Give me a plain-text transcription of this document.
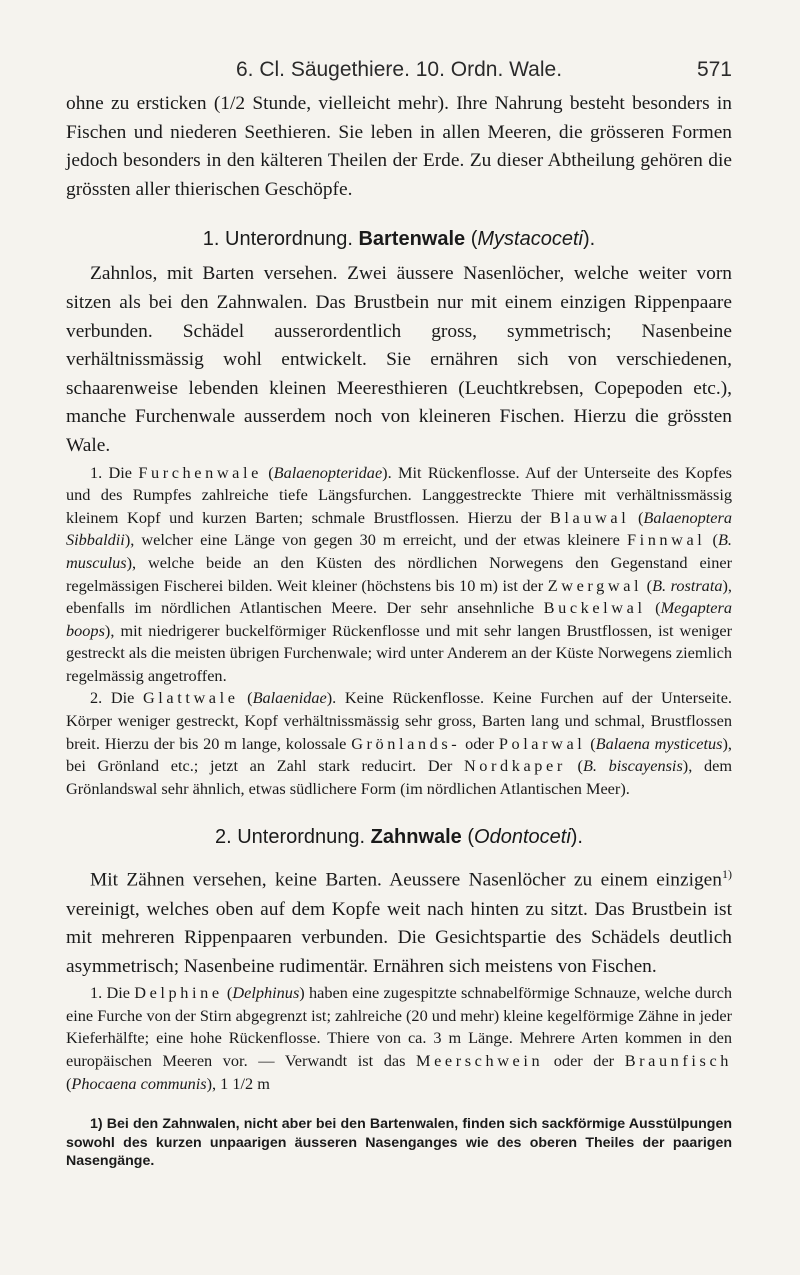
6. Cl. Säugethiere. 10. Ordn. Wale.	571

ohne zu ersticken (1/2 Stunde, vielleicht mehr). Ihre Nahrung besteht besonders in Fischen und niederen Seethieren. Sie leben in allen Meeren, die grösseren Formen jedoch besonders in den kälteren Theilen der Erde. Zu dieser Abtheilung gehören die grössten aller thierischen Geschöpfe.

1. Unterordnung. Bartenwale (Mystacoceti).

Zahnlos, mit Barten versehen. Zwei äussere Nasenlöcher, welche weiter vorn sitzen als bei den Zahnwalen. Das Brustbein nur mit einem einzigen Rippenpaare verbunden. Schädel ausserordentlich gross, symmetrisch; Nasenbeine verhältnissmässig wohl entwickelt. Sie ernähren sich von verschiedenen, schaarenweise lebenden kleinen Meeresthieren (Leuchtkrebsen, Copepoden etc.), manche Furchenwale ausserdem noch von kleineren Fischen. Hierzu die grössten Wale.

1. Die Furchenwale (Balaenopteridae). Mit Rückenflosse. Auf der Unterseite des Kopfes und des Rumpfes zahlreiche tiefe Längsfurchen. Langgestreckte Thiere mit verhältnissmässig kleinem Kopf und kurzen Barten; schmale Brustflossen. Hierzu der Blauwal (Balaenoptera Sibbaldii), welcher eine Länge von gegen 30 m erreicht, und der etwas kleinere Finnwal (B. musculus), welche beide an den Küsten des nördlichen Norwegens den Gegenstand einer regelmässigen Fischerei bilden. Weit kleiner (höchstens bis 10 m) ist der Zwergwal (B. rostrata), ebenfalls im nördlichen Atlantischen Meere. Der sehr ansehnliche Buckelwal (Megaptera boops), mit niedrigerer buckelförmiger Rückenflosse und mit sehr langen Brustflossen, ist weniger gestreckt als die meisten übrigen Furchenwale; wird unter Anderem an der Küste Norwegens ziemlich regelmässig angetroffen.

2. Die Glattwale (Balaenidae). Keine Rückenflosse. Keine Furchen auf der Unterseite. Körper weniger gestreckt, Kopf verhältnissmässig sehr gross, Barten lang und schmal, Brustflossen breit. Hierzu der bis 20 m lange, kolossale Grönlands- oder Polarwal (Balaena mysticetus), bei Grönland etc.; jetzt an Zahl stark reducirt. Der Nordkaper (B. biscayensis), dem Grönlandswal sehr ähnlich, etwas südlichere Form (im nördlichen Atlantischen Meer).

2. Unterordnung. Zahnwale (Odontoceti).

Mit Zähnen versehen, keine Barten. Aeussere Nasenlöcher zu einem einzigen$^{1)}$ vereinigt, welches oben auf dem Kopfe weit nach hinten zu sitzt. Das Brustbein ist mit mehreren Rippenpaaren verbunden. Die Gesichtspartie des Schädels deutlich asymmetrisch; Nasenbeine rudimentär. Ernähren sich meistens von Fischen.

1. Die Delphine (Delphinus) haben eine zugespitzte schnabelförmige Schnauze, welche durch eine Furche von der Stirn abgegrenzt ist; zahlreiche (20 und mehr) kleine kegelförmige Zähne in jeder Kieferhälfte; eine hohe Rückenflosse. Thiere von ca. 3 m Länge. Mehrere Arten kommen in den europäischen Meeren vor. — Verwandt ist das Meerschwein oder der Braunfisch (Phocaena communis), 1 1/2 m

1) Bei den Zahnwalen, nicht aber bei den Bartenwalen, finden sich sackförmige Ausstülpungen sowohl des kurzen unpaarigen äusseren Nasenganges wie des oberen Theiles der paarigen Nasengänge.
